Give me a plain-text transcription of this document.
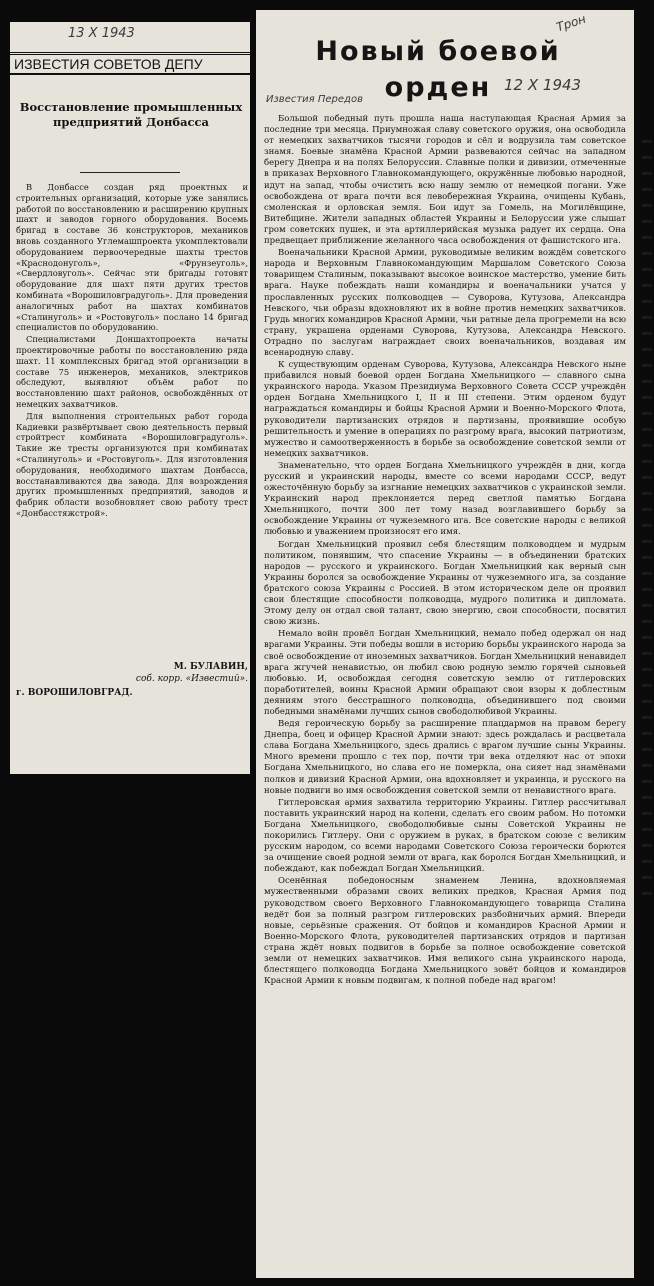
13 X 1943
ИЗВЕСТИЯ СОВЕТОВ ДЕПУ
Восстановление промышленных предприятий Донбасса

В Донбассе создан ряд проектных и строительных организаций, которые уже занялись работой по восстановлению и расширению крупных шахт и заводов горного оборудования. Восемь бригад в составе 36 конструкторов, механиков вновь созданного Углемашпроекта укомплектовали оборудованием первоочередные шахты трестов «Краснодонуголь», «Фрунзеуголь», «Свердловуголь». Сейчас эти бригады готовят оборудование для шахт пяти других трестов комбината «Ворошиловградуголь». Для проведения аналогичных работ на шахтах комбинатов «Сталинуголь» и «Ростовуголь» послано 14 бригад специалистов по оборудованию.

Специалистами Доншахтопроекта начаты проектировочные работы по восстановлению ряда шахт. 11 комплексных бригад этой организации в составе 75 инженеров, механиков, электриков обследуют, выявляют объём работ по восстановлению шахт районов, освобождённых от немецких захватчиков.

Для выполнения строительных работ города Кадиевки развёртывает свою деятельность первый стройтрест комбината «Ворошиловградуголь». Такие же тресты организуются при комбинатах «Сталинуголь» и «Ростовуголь». Для изготовления оборудования, необходимого шахтам Донбасса, восстанавливаются два завода. Для возрождения других промышленных предприятий, заводов и фабрик области возобновляет свою работу трест «Донбасстяжстрой».

М. БУЛАВИН,
соб. корр. «Известий».
г. ВОРОШИЛОВГРАД.
Трон
Новый боевой
орден 12 X 1943
Известия Передов

Большой победный путь прошла наша наступающая Красная Армия за последние три месяца. Приумножая славу советского оружия, она освободила от немецких захватчиков тысячи городов и сёл и водрузила там советское знамя. Боевые знамёна Красной Армии развеваются сейчас на западном берегу Днепра и на полях Белоруссии. Славные полки и дивизии, отмеченные в приказах Верховного Главнокомандующего, окружённые любовью народной, идут на запад, чтобы очистить всю нашу землю от немецкой погани. Уже освобождена от врага почти вся левобережная Украина, очищены Кубань, смоленская и орловская земля. Бои идут за Гомель, на Могилёвщине, Витебщине. Жители западных областей Украины и Белоруссии уже слышат гром советских пушек, и эта артиллерийская музыка радует их сердца. Она предвещает приближение желанного часа освобождения от фашистского ига.

Военачальники Красной Армии, руководимые великим вождём советского народа и Верховным Главнокомандующим Маршалом Советского Союза товарищем Сталиным, показывают высокое воинское мастерство, умение бить врага. Науке побеждать наши командиры и военачальники учатся у прославленных русских полководцев — Суворова, Кутузова, Александра Невского, чьи образы вдохновляют их в войне против немецких захватчиков. Грудь многих командиров Красной Армии, чьи ратные дела прогремели на всю страну, украшена орденами Суворова, Кутузова, Александра Невского. Отрадно по заслугам награждает своих военачальников, воздавая им всенародную славу.

К существующим орденам Суворова, Кутузова, Александра Невского ныне прибавился новый боевой орден Богдана Хмельницкого — славного сына украинского народа. Указом Президиума Верховного Совета СССР учреждён орден Богдана Хмельницкого I, II и III степени. Этим орденом будут награждаться командиры и бойцы Красной Армии и Военно-Морского Флота, руководители партизанских отрядов и партизаны, проявившие особую решительность и умение в операциях по разгрому врага, высокий патриотизм, мужество и самоотверженность в борьбе за освобождение советской земли от немецких захватчиков.

Знаменательно, что орден Богдана Хмельницкого учреждён в дни, когда русский и украинский народы, вместе со всеми народами СССР, ведут ожесточённую борьбу за изгнание немецких захватчиков с украинской земли. Украинский народ преклоняется перед светлой памятью Богдана Хмельницкого, почти 300 лет тому назад возглавившего борьбу за освобождение Украины от чужеземного ига. Все советские народы с великой любовью и уважением произносят его имя.

Богдан Хмельницкий проявил себя блестящим полководцем и мудрым политиком, понявшим, что спасение Украины — в объединении братских народов — русского и украинского. Богдан Хмельницкий как верный сын Украины боролся за освобождение Украины от чужеземного ига, за создание братского союза Украины с Россией. В этом историческом деле он проявил свои блестящие способности полководца, мудрого политика и дипломата. Этому делу он отдал свой талант, свою энергию, свои способности, посвятил свою жизнь.

Немало войн провёл Богдан Хмельницкий, немало побед одержал он над врагами Украины. Эти победы вошли в историю борьбы украинского народа за своё освобождение от иноземных захватчиков. Богдан Хмельницкий ненавидел врага жгучей ненавистью, он любил свою родную землю горячей сыновьей любовью. И, освобождая сегодня советскую землю от гитлеровских поработителей, воины Красной Армии обращают свои взоры к доблестным деяниям этого бесстрашного полководца, объединившего под своими победными знамёнами лучших сынов свободолюбивой Украины.

Ведя героическую борьбу за расширение плацдармов на правом берегу Днепра, боец и офицер Красной Армии знают: здесь рождалась и расцветала слава Богдана Хмельницкого, здесь дрались с врагом лучшие сыны Украины. Много времени прошло с тех пор, почти три века отделяют нас от эпохи Богдана Хмельницкого, но слава его не померкла, она сияет над знамёнами полков и дивизий Красной Армии, она вдохновляет и украинца, и русского на новые подвиги во имя освобождения советской земли от ненавистного врага.

Гитлеровская армия захватила территорию Украины. Гитлер рассчитывал поставить украинский народ на колени, сделать его своим рабом. Но потомки Богдана Хмельницкого, свободолюбивые сыны Советской Украины не покорились Гитлеру. Они с оружием в руках, в братском союзе с великим русским народом, со всеми народами Советского Союза героически борются за очищение своей родной земли от врага, как боролся Богдан Хмельницкий, и побеждают, как побеждал Богдан Хмельницкий.

Осенённая победоносным знаменем Ленина, вдохновляемая мужественными образами своих великих предков, Красная Армия под руководством своего Верховного Главнокомандующего товарища Сталина ведёт бои за полный разгром гитлеровских разбойничьих армий. Впереди новые, серьёзные сражения. От бойцов и командиров Красной Армии и Военно-Морского Флота, руководителей партизанских отрядов и партизан страна ждёт новых подвигов в борьбе за полное освобождение советской земли от немецких захватчиков. Имя великого сына украинского народа, блестящего полководца Богдана Хмельницкого зовёт бойцов и командиров Красной Армии к новым подвигам, к полной победе над врагом!
